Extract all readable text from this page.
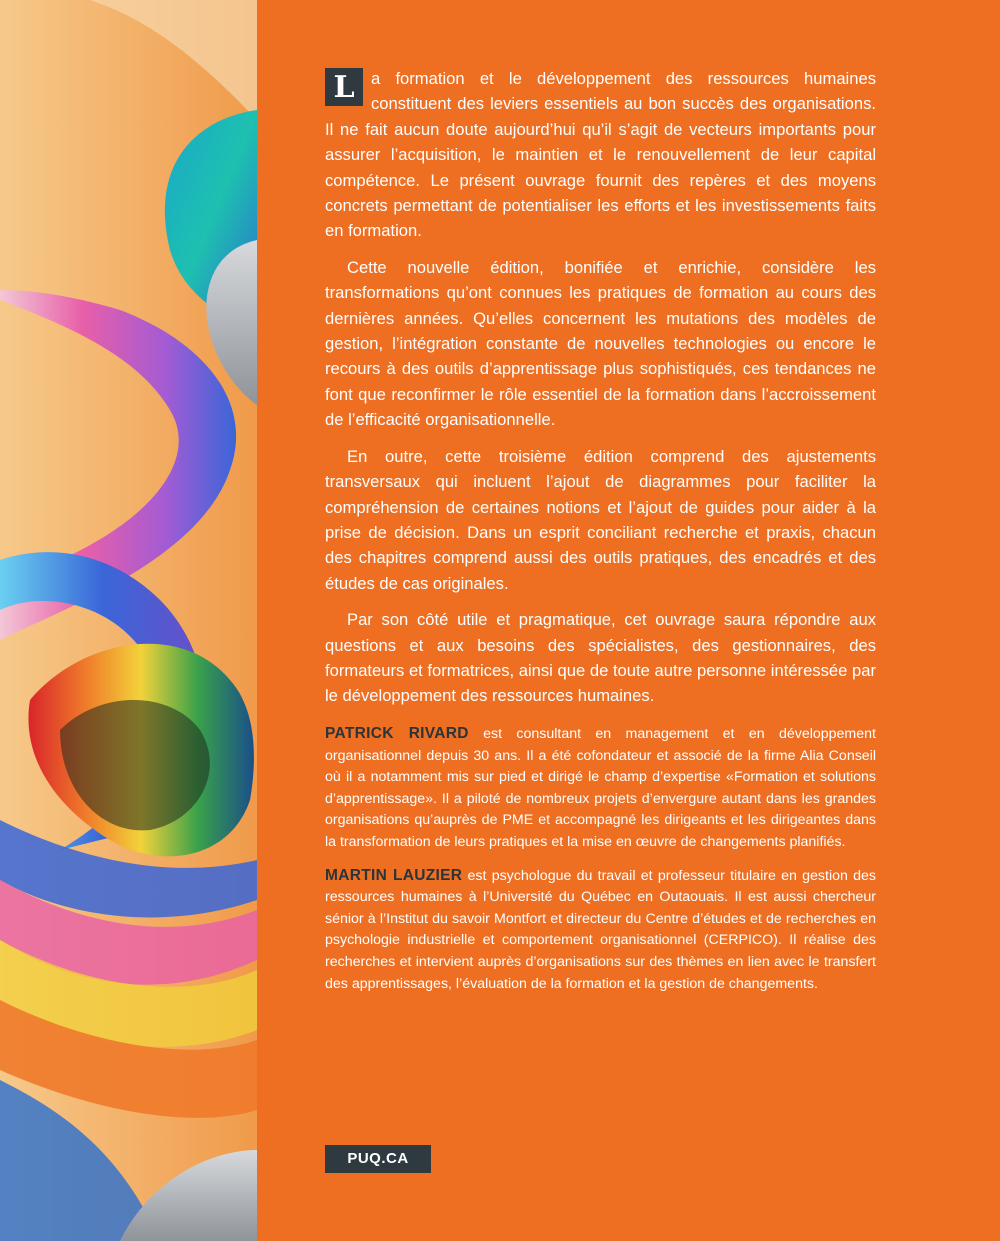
L a formation et le développement des ressources humaines constituent des leviers essentiels au bon succès des organisations. Il ne fait aucun doute aujourd’hui qu’il s’agit de vecteurs importants pour assurer l’acquisition, le maintien et le renouvellement de leur capital compétence. Le présent ouvrage fournit des repères et des moyens concrets permettant de potentialiser les efforts et les investissements faits en formation.

Cette nouvelle édition, bonifiée et enrichie, considère les transformations qu’ont connues les pratiques de formation au cours des dernières années. Qu’elles concernent les mutations des modèles de gestion, l’intégration constante de nouvelles technologies ou encore le recours à des outils d’apprentissage plus sophistiqués, ces tendances ne font que reconfirmer le rôle essentiel de la formation dans l’accroissement de l’efficacité organisationnelle.

En outre, cette troisième édition comprend des ajustements transversaux qui incluent l’ajout de diagrammes pour faciliter la compréhension de certaines notions et l’ajout de guides pour aider à la prise de décision. Dans un esprit conciliant recherche et praxis, chacun des chapitres comprend aussi des outils pratiques, des encadrés et des études de cas originales.

Par son côté utile et pragmatique, cet ouvrage saura répondre aux questions et aux besoins des spécialistes, des gestionnaires, des formateurs et formatrices, ainsi que de toute autre personne intéressée par le développement des ressources humaines.

PATRICK RIVARD est consultant en management et en développement organisationnel depuis 30 ans. Il a été cofondateur et associé de la firme Alia Conseil où il a notamment mis sur pied et dirigé le champ d’expertise «Formation et solutions d’apprentissage». Il a piloté de nombreux projets d’envergure autant dans les grandes organisations qu’auprès de PME et accompagné les dirigeants et les dirigeantes dans la transformation de leurs pratiques et la mise en œuvre de changements planifiés.

MARTIN LAUZIER est psychologue du travail et professeur titulaire en gestion des ressources humaines à l’Université du Québec en Outaouais. Il est aussi chercheur sénior à l’Institut du savoir Montfort et directeur du Centre d’études et de recherches en psychologie industrielle et comportement organisationnel (CERPICO). Il réalise des recherches et intervient auprès d’organisations sur des thèmes en lien avec le transfert des apprentissages, l’évaluation de la formation et la gestion de changements.

PUQ.CA
